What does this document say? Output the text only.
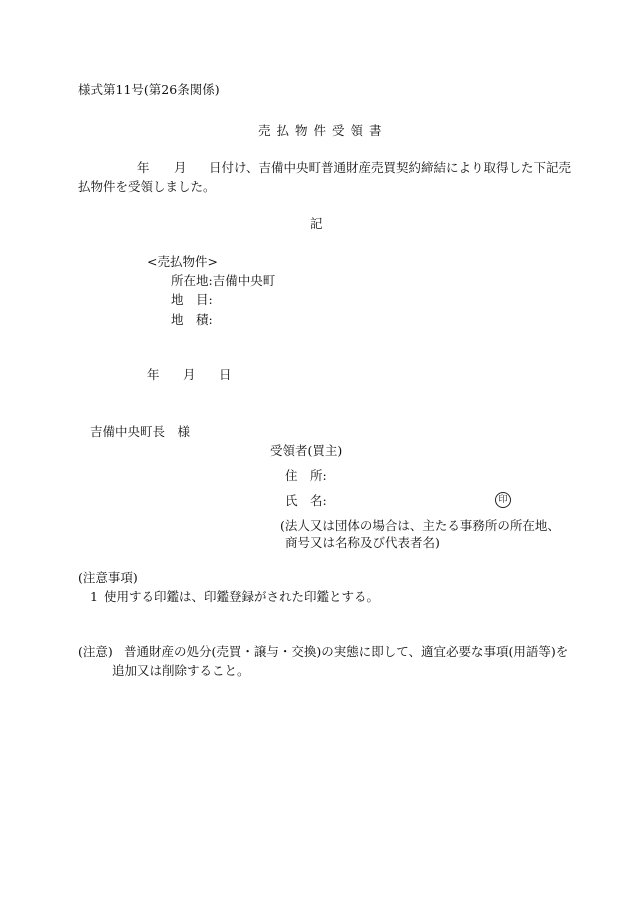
様式第11号(第26条関係)
売払物件受領書
年 月 日付け、吉備中央町普通財産売買契約締結により取得した下記売
払物件を受領しました。
記
<売払物件>
所在地:吉備中央町
地　目:
地　積:
年 月 日
吉備中央町長　様
受領者(買主)
住　所:
氏　名:	印
(法人又は団体の場合は、主たる事務所の所在地、
商号又は名称及び代表者名)
(注意事項)
1 使用する印鑑は、印鑑登録がされた印鑑とする。
(注意) 普通財産の処分(売買・譲与・交換)の実態に即して、適宜必要な事項(用語等)を
追加又は削除すること。
